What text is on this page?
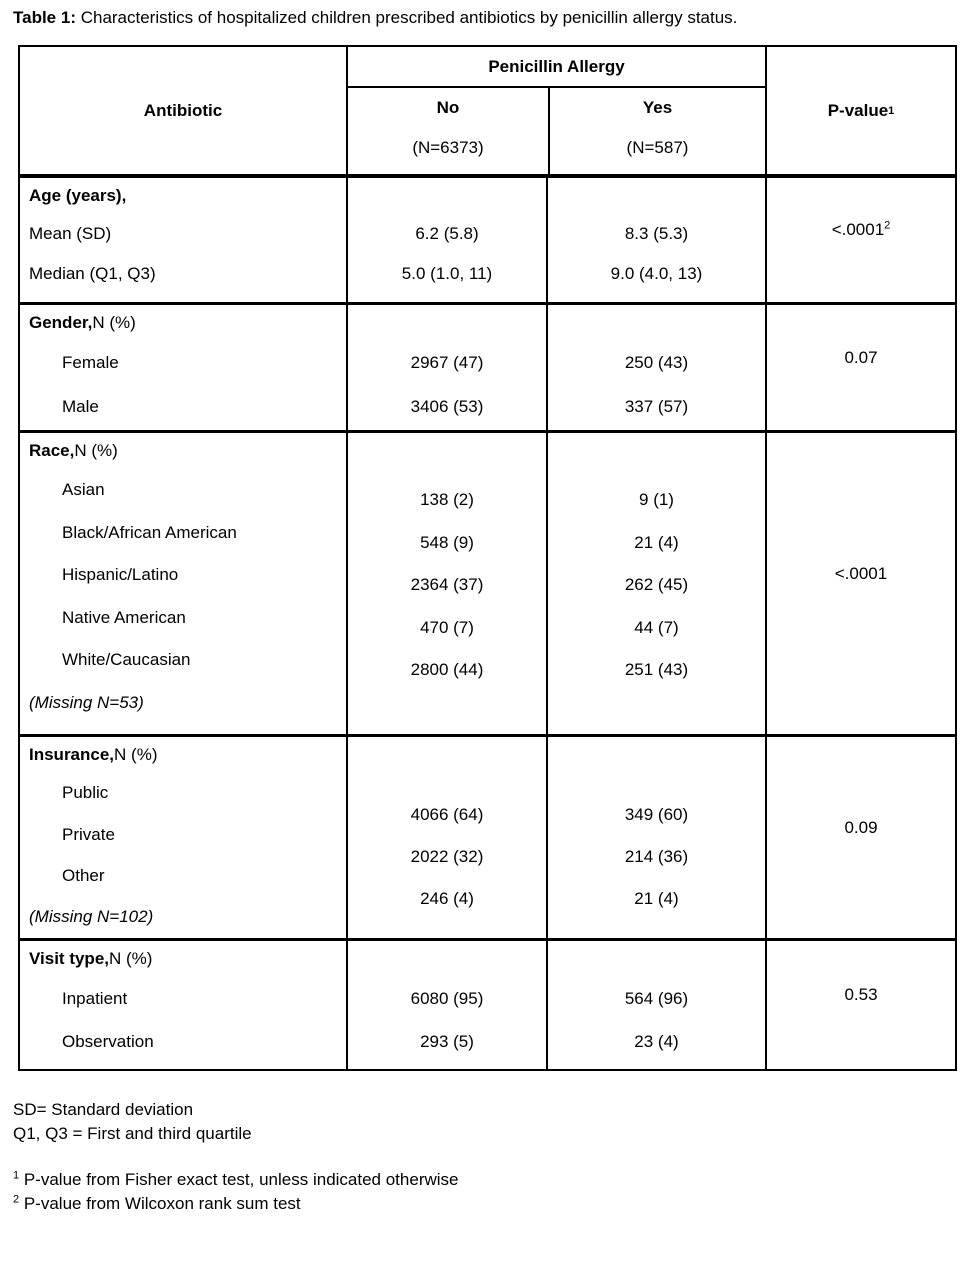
Table 1: Characteristics of hospitalized children prescribed antibiotics by penicillin allergy status.
Antibiotic
Penicillin Allergy
No
(N=6373)
Yes
(N=587)
P-value 1
Age (years),
Mean (SD)
Median (Q1, Q3)
6.2 (5.8)
5.0 (1.0, 11)
8.3 (5.3)
9.0 (4.0, 13)
$<.0001^2$
Gender, N (%)
Female
Male
2967 (47)
3406 (53)
250 (43)
337 (57)
0.07
Race, N (%)
Asian
Black/African American
Hispanic/Latino
Native American
White/Caucasian
(Missing N=53)
138 (2)
548 (9)
2364 (37)
470 (7)
2800 (44)
9 (1)
21 (4)
262 (45)
44 (7)
251 (43)
<.0001
Insurance, N (%)
Public
Private
Other
(Missing N=102)
4066 (64)
2022 (32)
246 (4)
349 (60)
214 (36)
21 (4)
0.09
Visit type, N (%)
Inpatient
Observation
6080 (95)
293 (5)
564 (96)
23 (4)
0.53
SD= Standard deviation
Q1, Q3 = First and third quartile
$^1$ P-value from Fisher exact test, unless indicated otherwise
$^2$ P-value from Wilcoxon rank sum test
